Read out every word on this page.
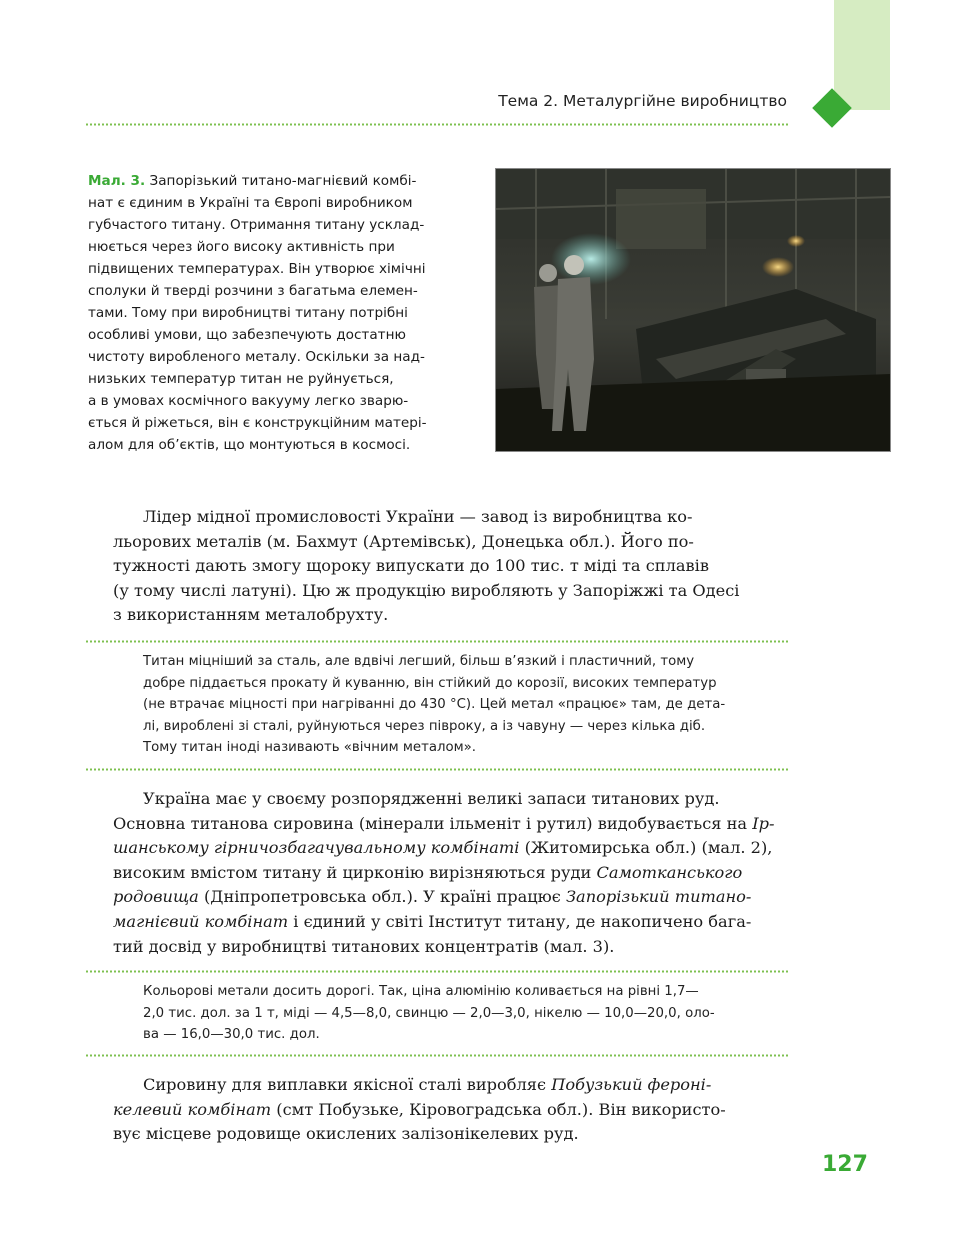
Тема 2. Металургійне виробництво
Мал. 3. Запорізький титано-магнієвий комбі-
нат є єдиним в Україні та Європі виробником
губчастого титану. Отримання титану усклад-
нюється через його високу активність при
підвищених температурах. Він утворює хімічні
сполуки й тверді розчини з багатьма елемен-
тами. Тому при виробництві титану потрібні
особливі умови, що забезпечують достатню
чистоту виробленого металу. Оскільки за над-
низьких температур титан не руйнується,
а в умовах космічного вакууму легко зварю-
ється й ріжеться, він є конструкційним матері-
алом для об’єктів, що монтуються в космосі.
Лідер мідної промисловості України — завод із виробництва ко-
льорових металів (м. Бахмут (Артемівськ), Донецька обл.). Його по-
тужності дають змогу щороку випускати до 100 тис. т міді та сплавів
(у тому числі латуні). Цю ж продукцію виробляють у Запоріжжі та Одесі
з використанням металобрухту.
Титан міцніший за сталь, але вдвічі легший, більш в’язкий і пластичний, тому
добре піддається прокату й куванню, він стійкий до корозії, високих температур
(не втрачає міцності при нагріванні до 430 °C). Цей метал «працює» там, де дета-
лі, вироблені зі сталі, руйнуються через півроку, а із чавуну — через кілька діб.
Тому титан іноді називають «вічним металом».
Україна має у своєму розпорядженні великі запаси титанових руд.
Основна титанова сировина (мінерали ільменіт і рутил) видобувається на Ір-
шанському гірничозбагачувальному комбінаті (Житомирська обл.) (мал. 2),
високим вмістом титану й цирконію вирізняються руди Самотканського
родовища (Дніпропетровська обл.). У країні працює Запорізький титано-
магнієвий комбінат і єдиний у світі Інститут титану, де накопичено бага-
тий досвід у виробництві титанових концентратів (мал. 3).
Кольорові метали досить дорогі. Так, ціна алюмінію коливається на рівні 1,7—
2,0 тис. дол. за 1 т, міді — 4,5—8,0, свинцю — 2,0—3,0, нікелю — 10,0—20,0, оло-
ва — 16,0—30,0 тис. дол.
Сировину для виплавки якісної сталі виробляє Побузький фероні-
келевий комбінат (смт Побузьке, Кіровоградська обл.). Він використо-
вує місцеве родовище окислених залізонікелевих руд.
127
